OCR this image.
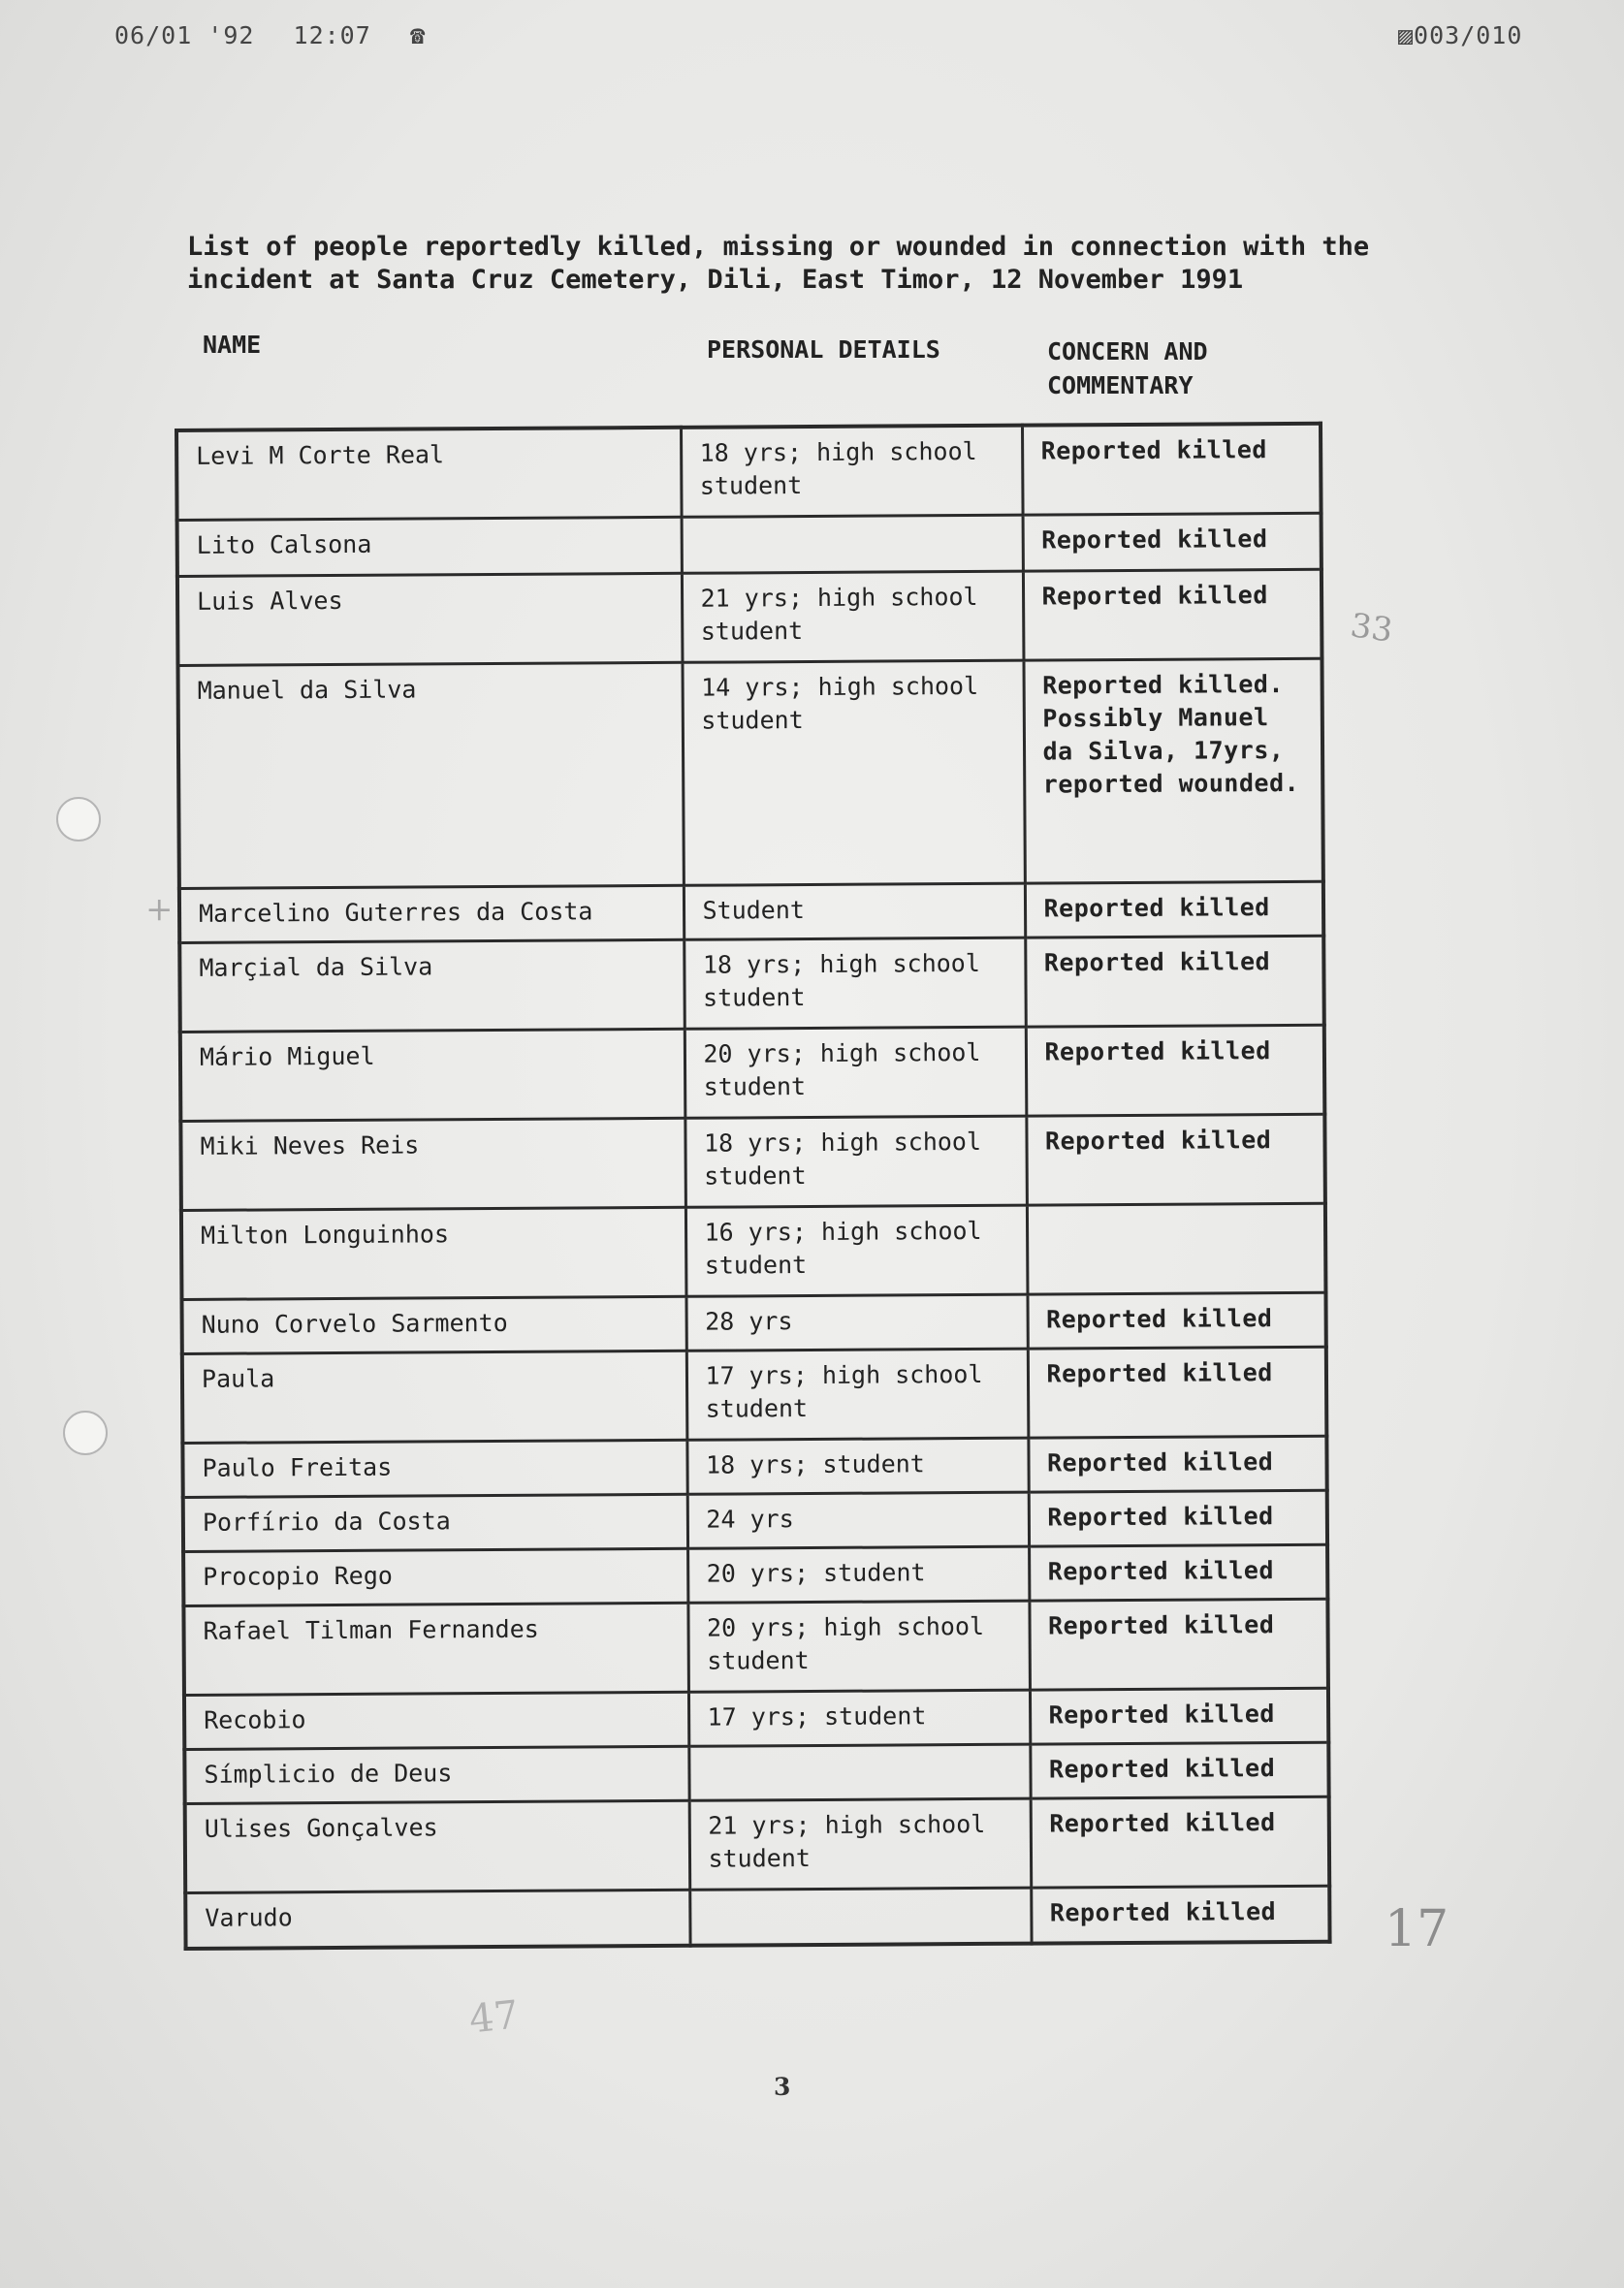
06/01 '92 12:07 ☎	▨003/010
List of people reportedly killed, missing or wounded in connection with the incident at Santa Cruz Cemetery, Dili, East Timor, 12 November 1991
NAME	PERSONAL DETAILS	CONCERN AND
COMMENTARY
Levi M Corte Real	18 yrs; high school student	Reported killed
Lito Calsona		Reported killed
Luis Alves	21 yrs; high school student	Reported killed
Manuel da Silva	14 yrs; high school student	Reported killed. Possibly Manuel da Silva, 17yrs, reported wounded.
Marcelino Guterres da Costa	Student	Reported killed
Marçial da Silva	18 yrs; high school student	Reported killed
Mário Miguel	20 yrs; high school student	Reported killed
Miki Neves Reis	18 yrs; high school student	Reported killed
Milton Longuinhos	16 yrs; high school student	
Nuno Corvelo Sarmento	28 yrs	Reported killed
Paula	17 yrs; high school student	Reported killed
Paulo Freitas	18 yrs; student	Reported killed
Porfírio da Costa	24 yrs	Reported killed
Procopio Rego	20 yrs; student	Reported killed
Rafael Tilman Fernandes	20 yrs; high school student	Reported killed
Recobio	17 yrs; student	Reported killed
Símplicio de Deus		Reported killed
Ulises Gonçalves	21 yrs; high school student	Reported killed
Varudo		Reported killed
33
17
47
+
3
